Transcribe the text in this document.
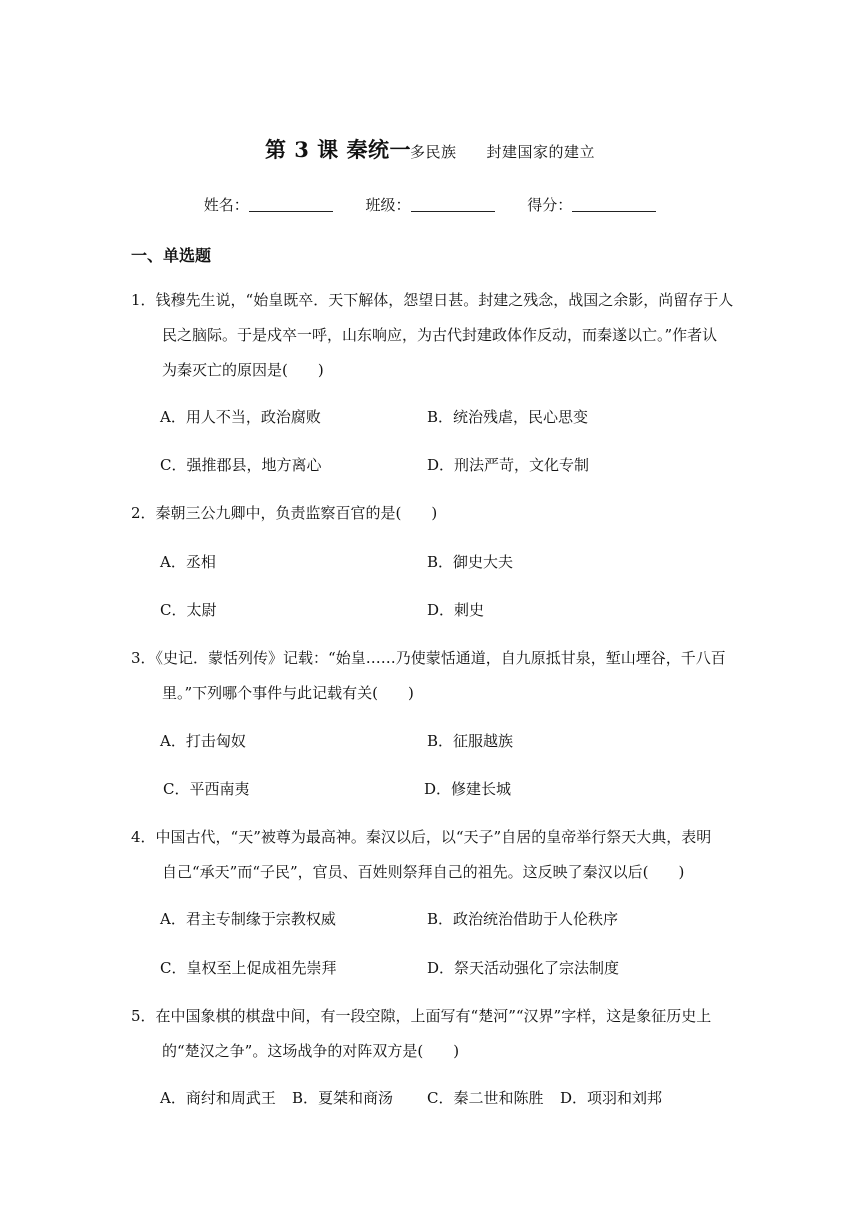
第 3 课 秦统一多民族 封建国家的建立
姓名：	班级：	得分：
一、单选题
1．钱穆先生说，“始皇既卒．天下解体，怨望日甚。封建之残念，战国之余影，尚留存于人
民之脑际。于是戍卒一呼，山东响应，为古代封建政体作反动，而秦遂以亡。”作者认
为秦灭亡的原因是(　　)
A．用人不当，政治腐败	B．统治残虐，民心思变
C．强推郡县，地方离心	D．刑法严苛，文化专制
2．秦朝三公九卿中，负责监察百官的是(　　)
A．丞相	B．御史大夫
C．太尉	D．刺史
3．《史记．蒙恬列传》记载：“始皇……乃使蒙恬通道，自九原抵甘泉，堑山堙谷，千八百
里。”下列哪个事件与此记载有关(　　)
A．打击匈奴	B．征服越族
C．平西南夷	D．修建长城
4．中国古代，“天”被尊为最高神。秦汉以后，以“天子”自居的皇帝举行祭天大典，表明
自己“承天”而“子民”，官员、百姓则祭拜自己的祖先。这反映了秦汉以后(　　)
A．君主专制缘于宗教权威	B．政治统治借助于人伦秩序
C．皇权至上促成祖先崇拜	D．祭天活动强化了宗法制度
5．在中国象棋的棋盘中间，有一段空隙，上面写有“楚河”“汉界”字样，这是象征历史上
的“楚汉之争”。这场战争的对阵双方是(　　)
A．商纣和周武王 B．夏桀和商汤 C．秦二世和陈胜 D．项羽和刘邦
